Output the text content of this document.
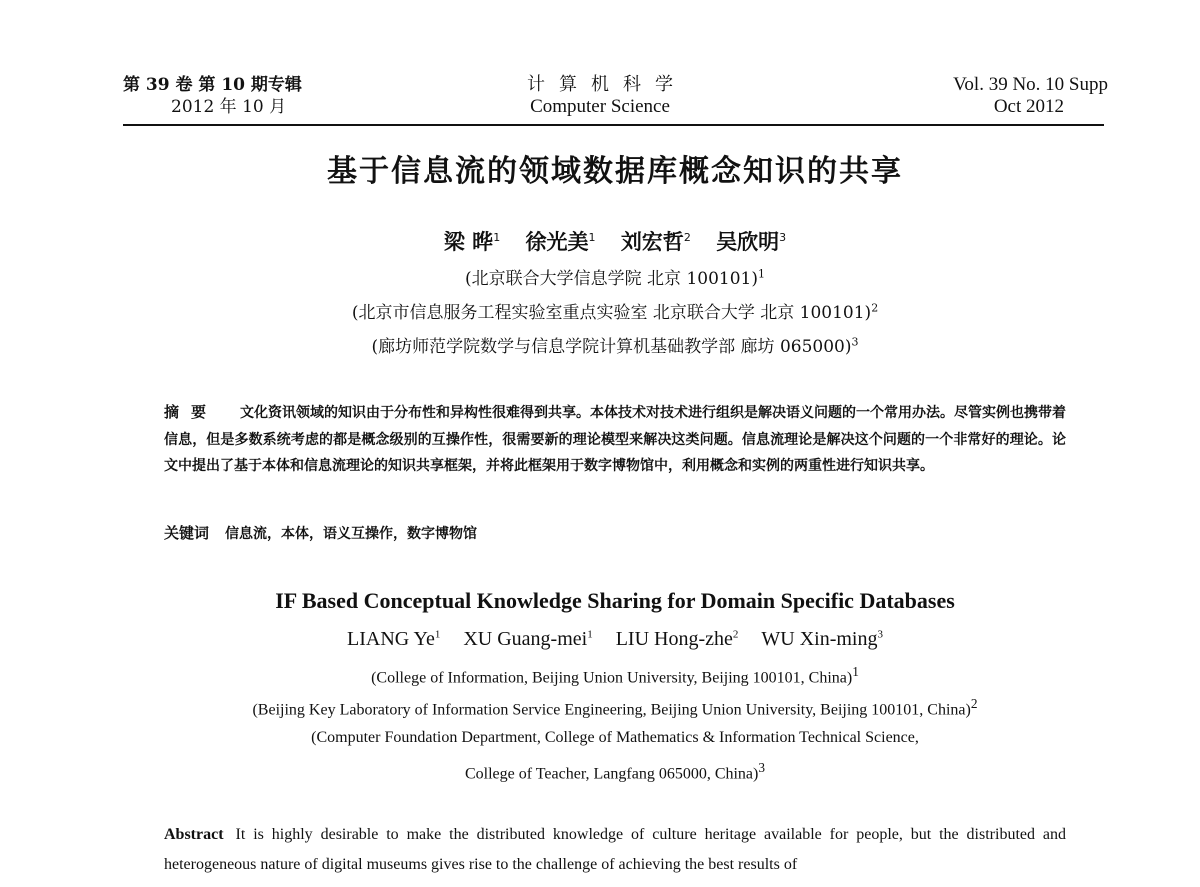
第 39 卷 第 10 期专辑
2012 年 10 月
计算机科学
Computer Science
Vol. 39 No. 10 Supp
Oct 2012
基于信息流的领域数据库概念知识的共享
梁 晔$^1$ 徐光美$^1$ 刘宏哲$^2$ 吴欣明$^3$
(北京联合大学信息学院 北京 100101)$^1$
(北京市信息服务工程实验室重点实验室 北京联合大学 北京 100101)$^2$
(廊坊师范学院数学与信息学院计算机基础教学部 廊坊 065000)$^3$
摘要 文化资讯领域的知识由于分布性和异构性很难得到共享。本体技术对技术进行组织是解决语义问题的一个常用办法。尽管实例也携带着信息，但是多数系统考虑的都是概念级别的互操作性，很需要新的理论模型来解决这类问题。信息流理论是解决这个问题的一个非常好的理论。论文中提出了基于本体和信息流理论的知识共享框架，并将此框架用于数字博物馆中，利用概念和实例的两重性进行知识共享。
关键词 信息流，本体，语义互操作，数字博物馆
IF Based Conceptual Knowledge Sharing for Domain Specific Databases
LIANG Ye$^1$ XU Guang-mei$^1$ LIU Hong-zhe$^2$ WU Xin-ming$^3$
(College of Information, Beijing Union University, Beijing 100101, China)$^1$
(Beijing Key Laboratory of Information Service Engineering, Beijing Union University, Beijing 100101, China)$^2$
(Computer Foundation Department, College of Mathematics & Information Technical Science,
College of Teacher, Langfang 065000, China)$^3$
Abstract It is highly desirable to make the distributed knowledge of culture heritage available for people, but the distributed and heterogeneous nature of digital museums gives rise to the challenge of achieving the best results of
